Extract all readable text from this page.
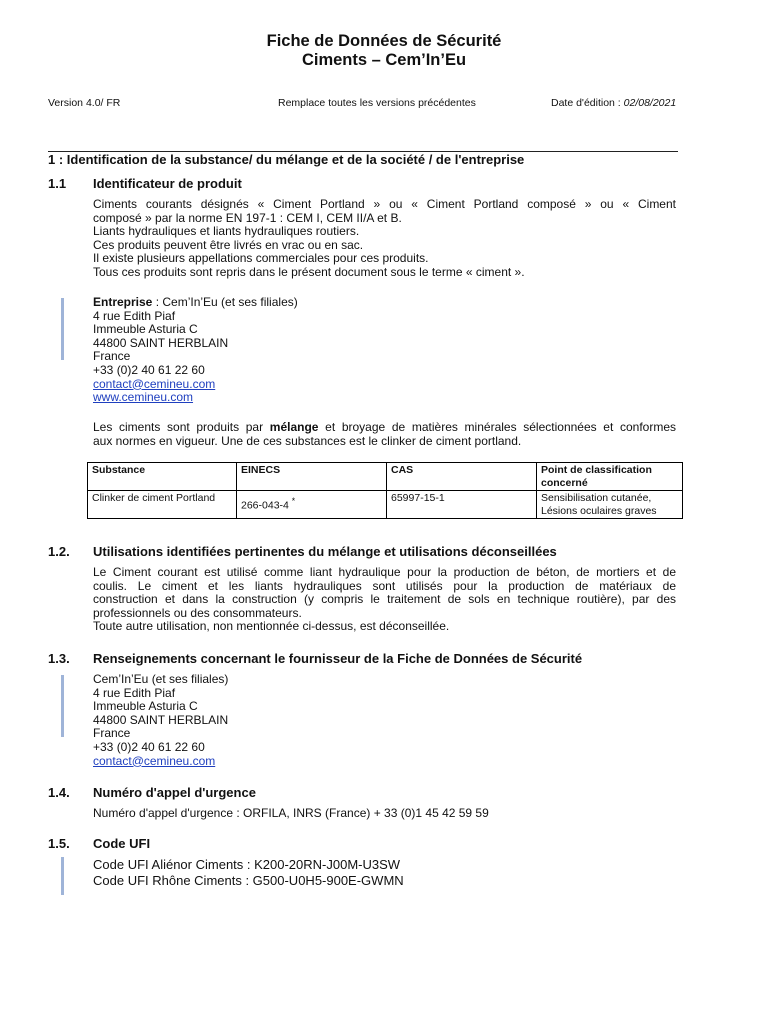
Fiche de Données de Sécurité
Ciments – Cem’In’Eu
Version 4.0/ FR	Remplace toutes les versions précédentes	Date d'édition : 02/08/2021
1 : Identification de la substance/ du mélange et de la société / de l'entreprise
1.1 Identificateur de produit
Ciments courants désignés « Ciment Portland » ou « Ciment Portland composé » ou « Ciment
composé » par la norme EN 197-1 : CEM I, CEM II/A et B.
Liants hydrauliques et liants hydrauliques routiers.
Ces produits peuvent être livrés en vrac ou en sac.
Il existe plusieurs appellations commerciales pour ces produits.
Tous ces produits sont repris dans le présent document sous le terme « ciment ».
Entreprise : Cem’In’Eu (et ses filiales)
4 rue Edith Piaf
Immeuble Asturia C
44800 SAINT HERBLAIN
France
+33 (0)2 40 61 22 60
contact@cemineu.com
www.cemineu.com
Les ciments sont produits par mélange et broyage de matières minérales sélectionnées et conformes
aux normes en vigueur. Une de ces substances est le clinker de ciment portland.
Substance	EINECS	CAS	Point de classification concerné
Clinker de ciment Portland	266-043-4 *	65997-15-1	Sensibilisation cutanée,
Lésions oculaires graves
1.2. Utilisations identifiées pertinentes du mélange et utilisations déconseillées
Le Ciment courant est utilisé comme liant hydraulique pour la production de béton, de mortiers et de
coulis. Le ciment et les liants hydrauliques sont utilisés pour la production de matériaux de
construction et dans la construction (y compris le traitement de sols en technique routière), par des
professionnels ou des consommateurs.
Toute autre utilisation, non mentionnée ci-dessus, est déconseillée.
1.3. Renseignements concernant le fournisseur de la Fiche de Données de Sécurité
Cem’In’Eu (et ses filiales)
4 rue Edith Piaf
Immeuble Asturia C
44800 SAINT HERBLAIN
France
+33 (0)2 40 61 22 60
contact@cemineu.com
1.4. Numéro d'appel d'urgence
Numéro d'appel d'urgence : ORFILA, INRS (France) + 33 (0)1 45 42 59 59
1.5. Code UFI
Code UFI Aliénor Ciments : K200-20RN-J00M-U3SW
Code UFI Rhône Ciments : G500-U0H5-900E-GWMN
